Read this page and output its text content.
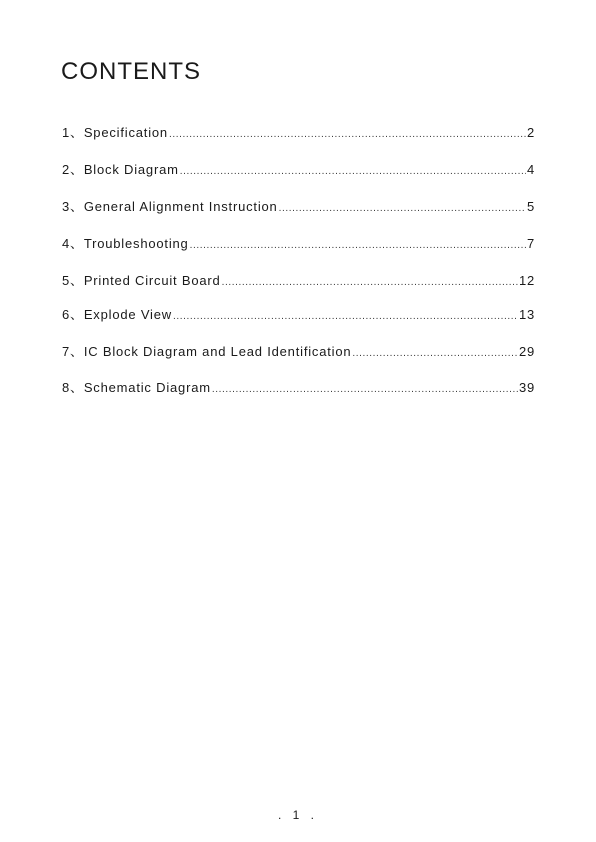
CONTENTS
1、Specification .....	2
2、Block Diagram .....	4
3、General Alignment Instruction .....	5
4、Troubleshooting .....	7
5、Printed Circuit Board .....	12
6、Explode View .....	13
7、IC Block Diagram and Lead Identification .....	29
8、Schematic Diagram .....	39
. 1 .
